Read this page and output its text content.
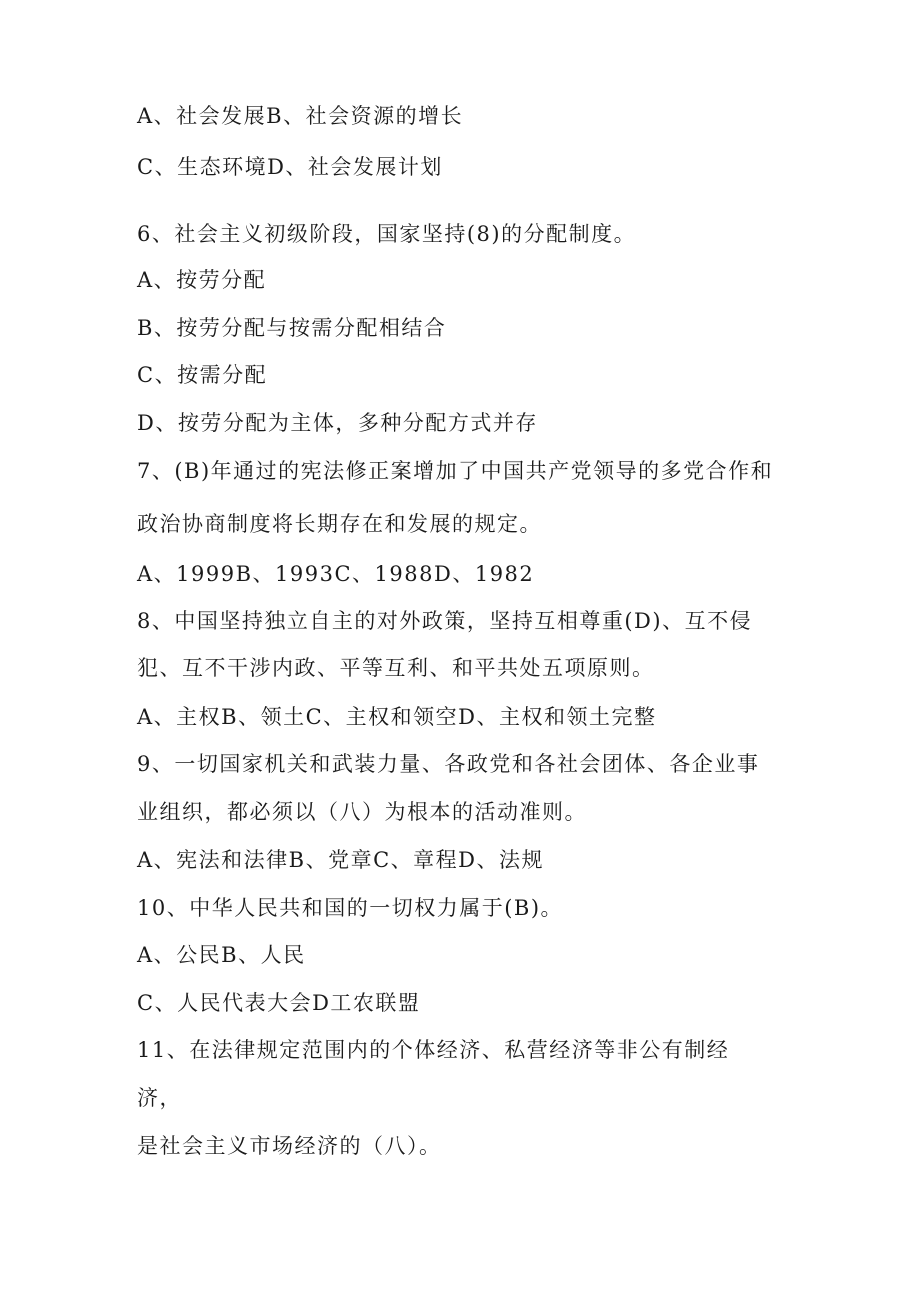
A、社会发展B、社会资源的增长
C、生态环境D、社会发展计划
6、社会主义初级阶段，国家坚持(8)的分配制度。
A、按劳分配
B、按劳分配与按需分配相结合
C、按需分配
D、按劳分配为主体，多种分配方式并存
7、(B)年通过的宪法修正案增加了中国共产党领导的多党合作和
政治协商制度将长期存在和发展的规定。
A、1999B、1993C、1988D、1982
8、中国坚持独立自主的对外政策，坚持互相尊重(D)、互不侵
犯、互不干涉内政、平等互利、和平共处五项原则。
A、主权B、领土C、主权和领空D、主权和领土完整
9、一切国家机关和武装力量、各政党和各社会团体、各企业事
业组织，都必须以（八）为根本的活动准则。
A、宪法和法律B、党章C、章程D、法规
10、中华人民共和国的一切权力属于(B)。
A、公民B、人民
C、人民代表大会D工农联盟
11、在法律规定范围内的个体经济、私营经济等非公有制经
济，
是社会主义市场经济的（八）。
